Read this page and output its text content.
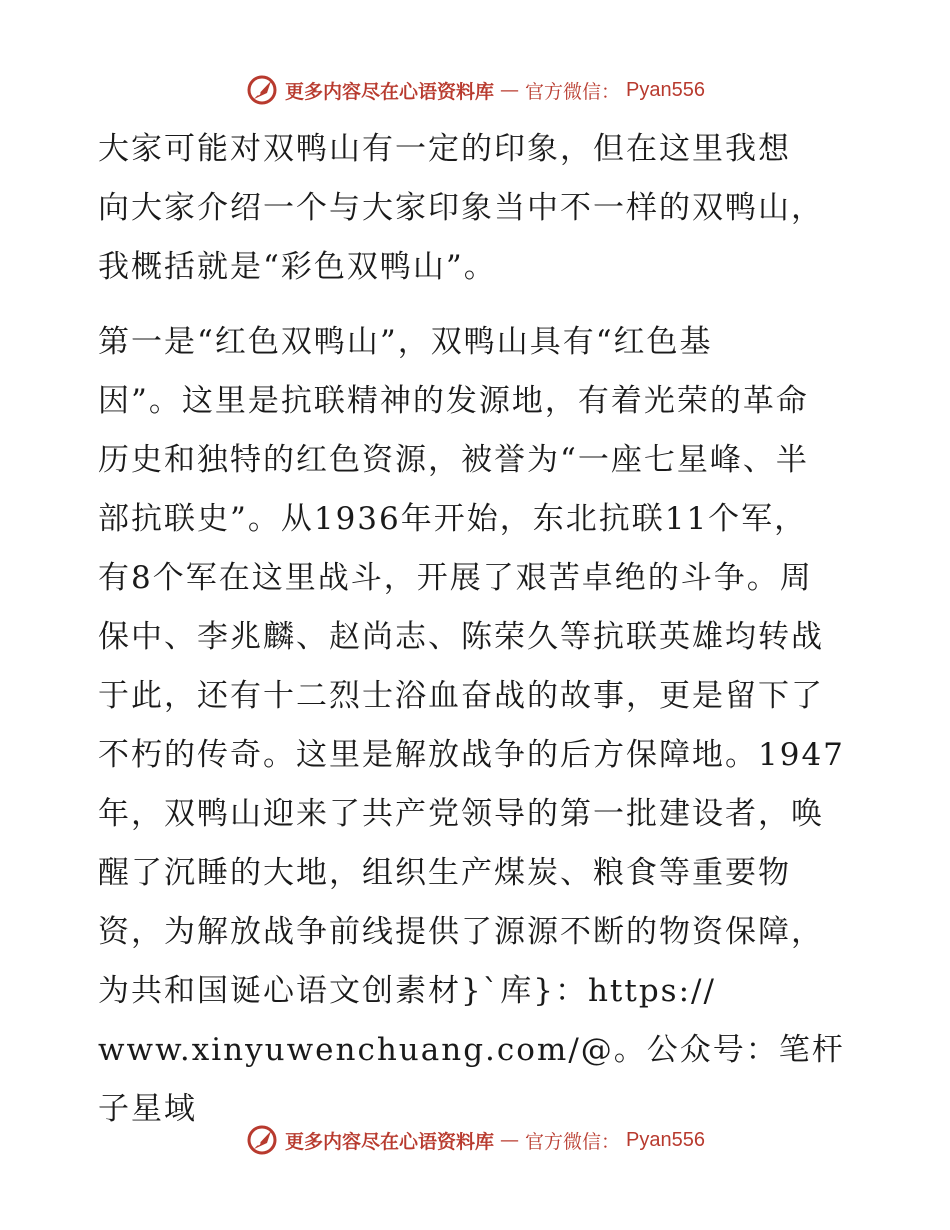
更多内容尽在心语资料库 — 官方微信： Pyan556

大家可能对双鸭山有一定的印象，但在这里我想
向大家介绍一个与大家印象当中不一样的双鸭山，
我概括就是“彩色双鸭山”。

第一是“红色双鸭山”，双鸭山具有“红色基
因”。这里是抗联精神的发源地，有着光荣的革命
历史和独特的红色资源，被誉为“一座七星峰、半
部抗联史”。从1936年开始，东北抗联11个军，
有8个军在这里战斗，开展了艰苦卓绝的斗争。周
保中、李兆麟、赵尚志、陈荣久等抗联英雄均转战
于此，还有十二烈士浴血奋战的故事，更是留下了
不朽的传奇。这里是解放战争的后方保障地。1947
年，双鸭山迎来了共产党领导的第一批建设者，唤
醒了沉睡的大地，组织生产煤炭、粮食等重要物
资，为解放战争前线提供了源源不断的物资保障，
为共和国诞心语文创素材}`库}：https://
www.xinyuwenchuang.com/@。公众号：笔杆子星域

更多内容尽在心语资料库 — 官方微信： Pyan556
